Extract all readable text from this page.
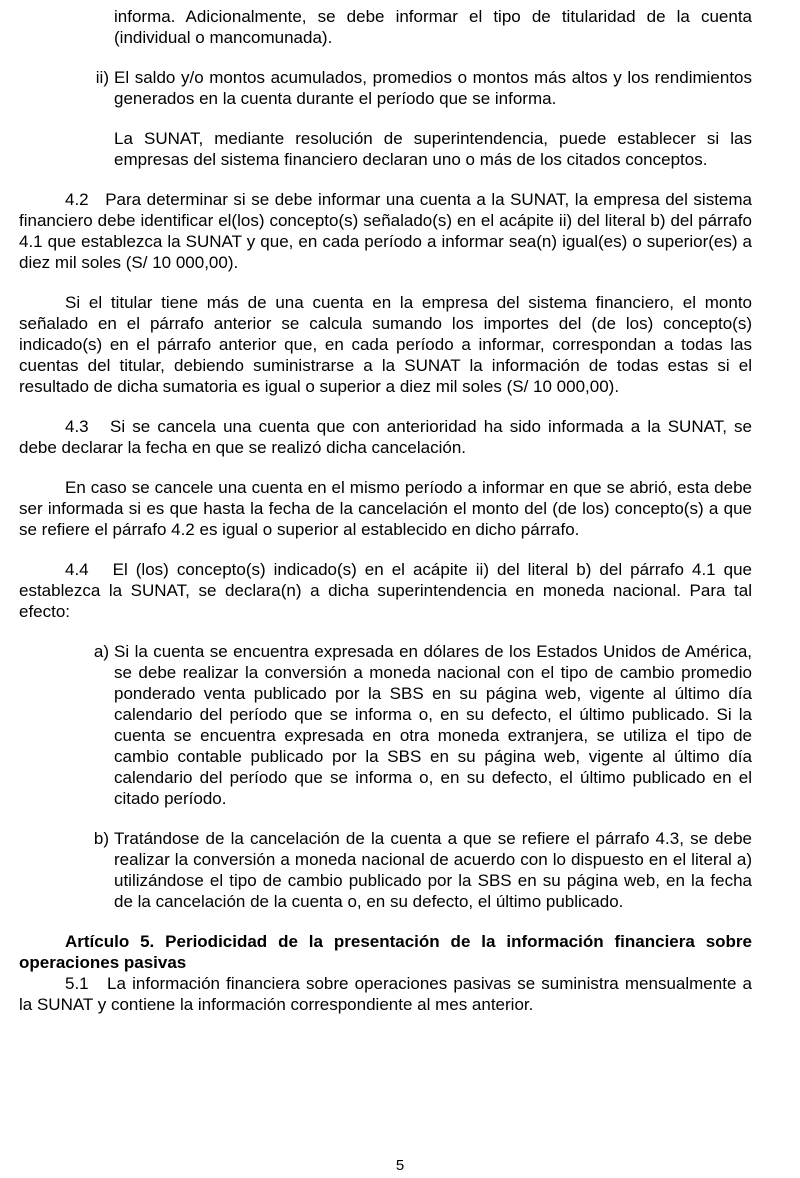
informa. Adicionalmente, se debe informar el tipo de titularidad de la cuenta (individual o mancomunada).

ii) El saldo y/o montos acumulados, promedios o montos más altos y los rendimientos generados en la cuenta durante el período que se informa.

La SUNAT, mediante resolución de superintendencia, puede establecer si las empresas del sistema financiero declaran uno o más de los citados conceptos.

4.2   Para determinar si se debe informar una cuenta a la SUNAT, la empresa del sistema financiero debe identificar el(los) concepto(s) señalado(s) en el acápite ii) del literal b) del párrafo 4.1 que establezca la SUNAT y que, en cada período a informar sea(n) igual(es) o superior(es) a diez mil soles (S/ 10 000,00).

Si el titular tiene más de una cuenta en la empresa del sistema financiero, el monto señalado en el párrafo anterior se calcula sumando los importes del (de los) concepto(s) indicado(s) en el párrafo anterior que, en cada período a informar, correspondan a todas las cuentas del titular, debiendo suministrarse a la SUNAT la información de todas estas si el resultado de dicha sumatoria es igual o superior a diez mil soles (S/ 10 000,00).

4.3   Si se cancela una cuenta que con anterioridad ha sido informada a la SUNAT, se debe declarar la fecha en que se realizó dicha cancelación.

En caso se cancele una cuenta en el mismo período a informar en que se abrió, esta debe ser informada si es que hasta la fecha de la cancelación el monto del (de los) concepto(s) a que se refiere el párrafo 4.2 es igual o superior al establecido en dicho párrafo.

4.4   El (los) concepto(s) indicado(s) en el acápite ii) del literal b) del párrafo 4.1 que establezca la SUNAT, se declara(n) a dicha superintendencia en moneda nacional. Para tal efecto:

a) Si la cuenta se encuentra expresada en dólares de los Estados Unidos de América, se debe realizar la conversión a moneda nacional con el tipo de cambio promedio ponderado venta publicado por la SBS en su página web, vigente al último día calendario del período que se informa o, en su defecto, el último publicado. Si la cuenta se encuentra expresada en otra moneda extranjera, se utiliza el tipo de cambio contable publicado por la SBS en su página web, vigente al último día calendario del período que se informa o, en su defecto, el último publicado en el citado período.
b) Tratándose de la cancelación de la cuenta a que se refiere el párrafo 4.3, se debe realizar la conversión a moneda nacional de acuerdo con lo dispuesto en el literal a) utilizándose el tipo de cambio publicado por la SBS en su página web, en la fecha de la cancelación de la cuenta o, en su defecto, el último publicado.

Artículo 5. Periodicidad de la presentación de la información financiera sobre operaciones pasivas

5.1   La información financiera sobre operaciones pasivas se suministra mensualmente a la SUNAT y contiene la información correspondiente al mes anterior.

5
